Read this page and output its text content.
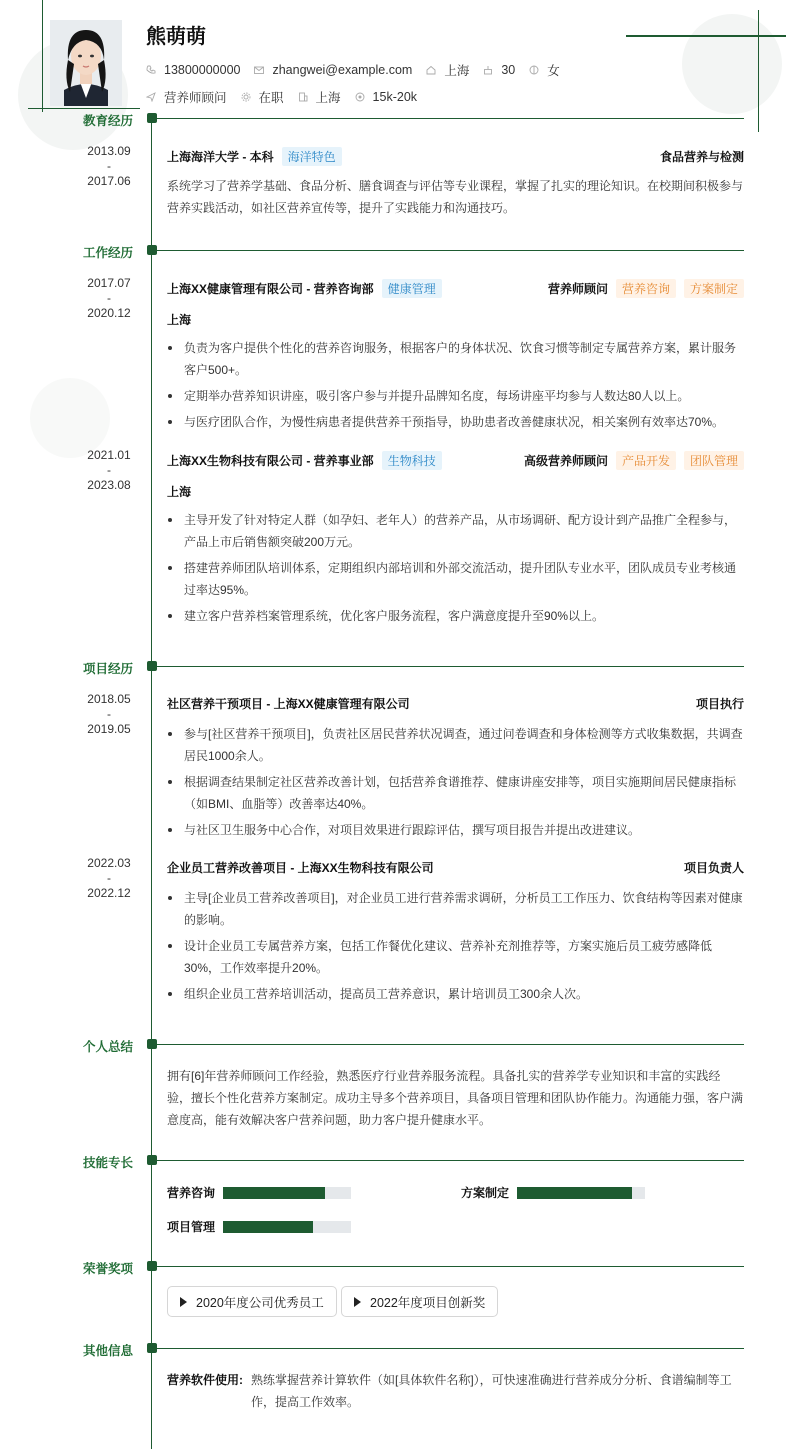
熊萌萌
13800000000	zhangwei@example.com	上海	30	女
营养师顾问	在职	上海	15k-20k
教育经历
2013.09
-
2017.06
上海海洋大学 - 本科	海洋特色	食品营养与检测
系统学习了营养学基础、食品分析、膳食调查与评估等专业课程，掌握了扎实的理论知识。在校期间积极参与营养实践活动，如社区营养宣传等，提升了实践能力和沟通技巧。
工作经历
2017.07
-
2020.12
上海XX健康管理有限公司 - 营养咨询部	健康管理	营养师顾问	营养咨询	方案制定
上海
负责为客户提供个性化的营养咨询服务，根据客户的身体状况、饮食习惯等制定专属营养方案，累计服务客户500+。
定期举办营养知识讲座，吸引客户参与并提升品牌知名度，每场讲座平均参与人数达80人以上。
与医疗团队合作，为慢性病患者提供营养干预指导，协助患者改善健康状况，相关案例有效率达70%。
2021.01
-
2023.08
上海XX生物科技有限公司 - 营养事业部	生物科技	高级营养师顾问	产品开发	团队管理
上海
主导开发了针对特定人群（如孕妇、老年人）的营养产品，从市场调研、配方设计到产品推广全程参与，产品上市后销售额突破200万元。
搭建营养师团队培训体系，定期组织内部培训和外部交流活动，提升团队专业水平，团队成员专业考核通过率达95%。
建立客户营养档案管理系统，优化客户服务流程，客户满意度提升至90%以上。
项目经历
2018.05
-
2019.05
社区营养干预项目 - 上海XX健康管理有限公司	项目执行
参与[社区营养干预项目]，负责社区居民营养状况调查，通过问卷调查和身体检测等方式收集数据，共调查居民1000余人。
根据调查结果制定社区营养改善计划，包括营养食谱推荐、健康讲座安排等，项目实施期间居民健康指标（如BMI、血脂等）改善率达40%。
与社区卫生服务中心合作，对项目效果进行跟踪评估，撰写项目报告并提出改进建议。
2022.03
-
2022.12
企业员工营养改善项目 - 上海XX生物科技有限公司	项目负责人
主导[企业员工营养改善项目]，对企业员工进行营养需求调研，分析员工工作压力、饮食结构等因素对健康的影响。
设计企业员工专属营养方案，包括工作餐优化建议、营养补充剂推荐等，方案实施后员工疲劳感降低30%，工作效率提升20%。
组织企业员工营养培训活动，提高员工营养意识，累计培训员工300余人次。
个人总结
拥有[6]年营养师顾问工作经验，熟悉医疗行业营养服务流程。具备扎实的营养学专业知识和丰富的实践经验，擅长个性化营养方案制定。成功主导多个营养项目，具备项目管理和团队协作能力。沟通能力强，客户满意度高，能有效解决客户营养问题，助力客户提升健康水平。
技能专长
营养咨询	方案制定
项目管理
荣誉奖项
2020年度公司优秀员工	2022年度项目创新奖
其他信息
营养软件使用: 熟练掌握营养计算软件（如[具体软件名称]），可快速准确进行营养成分分析、食谱编制等工作，提高工作效率。
